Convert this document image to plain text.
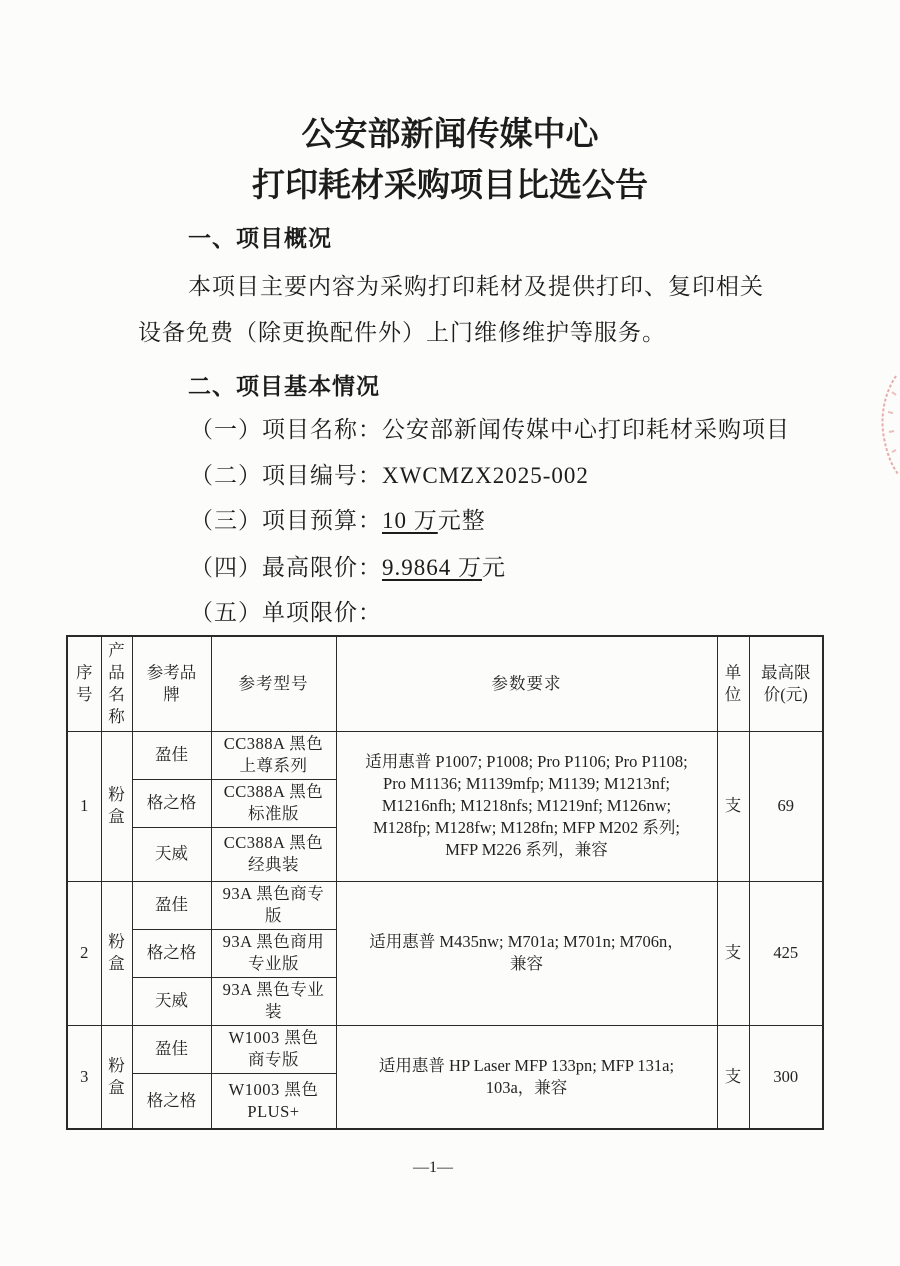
公安部新闻传媒中心
打印耗材采购项目比选公告
一、项目概况
本项目主要内容为采购打印耗材及提供打印、复印相关
设备免费（除更换配件外）上门维修维护等服务。
二、项目基本情况
（一）项目名称：公安部新闻传媒中心打印耗材采购项目
（二）项目编号：XWCMZX2025-002
（三）项目预算：10 万元整
（四）最高限价：9.9864 万元
（五）单项限价：
序号	产品名称	参考品牌	参考型号	参数要求	单位	最高限价(元)
1	粉盒	盈佳	CC388A 黑色
上尊系列	适用惠普 P1007; P1008; Pro P1106; Pro P1108;
Pro M1136; M1139mfp; M1139; M1213nf;
M1216nfh; M1218nfs; M1219nf; M126nw;
M128fp; M128fw; M128fn; MFP M202 系列;
MFP M226 系列，兼容	支	69
		格之格	CC388A 黑色
标准版			
		天威	CC388A 黑色
经典装			
2	粉盒	盈佳	93A 黑色商专
版	适用惠普 M435nw; M701a; M701n; M706n，
兼容	支	425
		格之格	93A 黑色商用
专业版			
		天威	93A 黑色专业
装			
3	粉盒	盈佳	W1003 黑色
商专版	适用惠普 HP Laser MFP 133pn; MFP 131a;
103a，兼容	支	300
		格之格	W1003 黑色
PLUS+			
—1—
